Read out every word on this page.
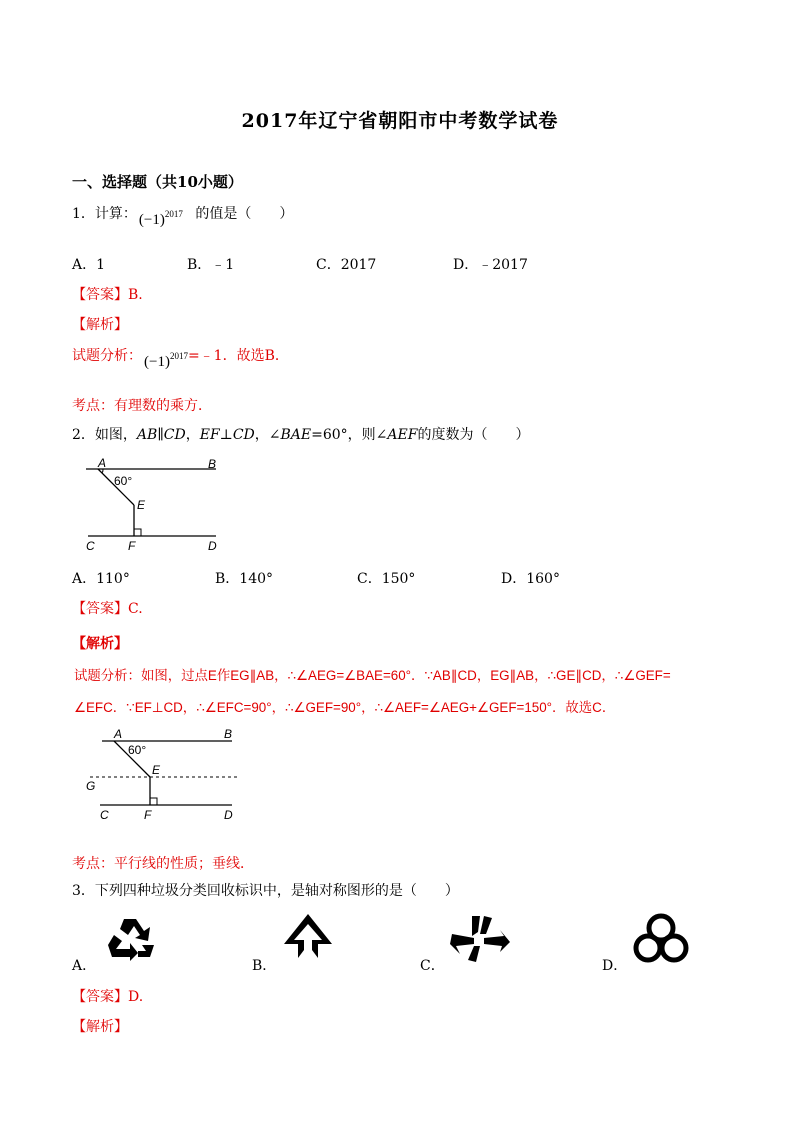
2017年辽宁省朝阳市中考数学试卷
一、选择题（共10小题）
1．计算： $(-1)^{2017}$ 的值是（　　）
A．1	B．﹣1	C．2017	D．﹣2017
【答案】B.
【解析】
试题分析： $(-1)^{2017}=﹣1$．故选B．
考点：有理数的乘方．
2．如图，AB∥CD，EF⊥CD，∠BAE=60°，则∠AEF的度数为（　　）
A	B
60°
E
C	F	D
A．110°	B．140°	C．150°	D．160°
【答案】C.
【解析】
试题分析：如图，过点E作EG∥AB，∴∠AEG=∠BAE=60°．∵AB∥CD，EG∥AB，∴GE∥CD，∴∠GEF=
∠EFC．∵EF⊥CD，∴∠EFC=90°，∴∠GEF=90°，∴∠AEF=∠AEG+∠GEF=150°．故选C．
A	B
60°
E
G
C	F	D
考点：平行线的性质；垂线．
3．下列四种垃圾分类回收标识中，是轴对称图形的是（　　）
A．	B．	C．	D．
【答案】D.
【解析】
